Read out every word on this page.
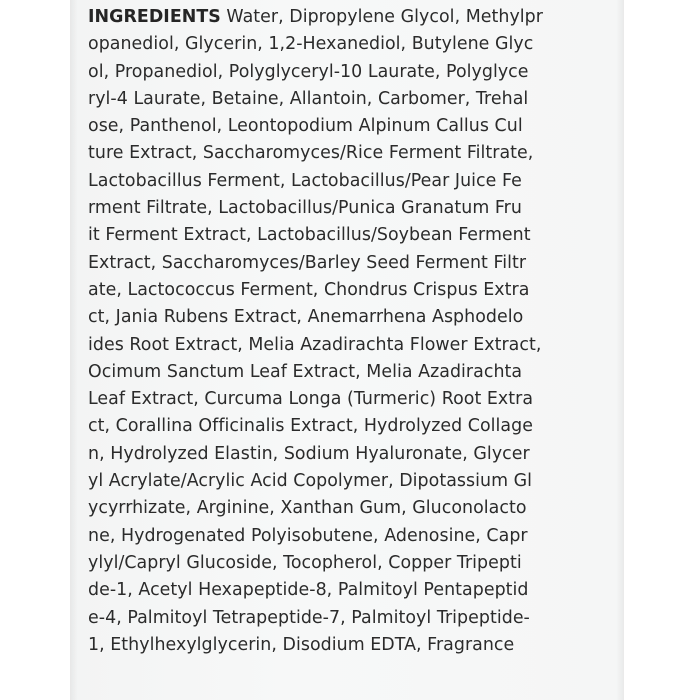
INGREDIENTS Water, Dipropylene Glycol, Methylpr
opanediol, Glycerin, 1,2-Hexanediol, Butylene Glyc
ol, Propanediol, Polyglyceryl-10 Laurate, Polyglyce
ryl-4 Laurate, Betaine, Allantoin, Carbomer, Trehal
ose, Panthenol, Leontopodium Alpinum Callus Cul
ture Extract, Saccharomyces/Rice Ferment Filtrate,
Lactobacillus Ferment, Lactobacillus/Pear Juice Fe
rment Filtrate, Lactobacillus/Punica Granatum Fru
it Ferment Extract, Lactobacillus/Soybean Ferment
Extract, Saccharomyces/Barley Seed Ferment Filtr
ate, Lactococcus Ferment, Chondrus Crispus Extra
ct, Jania Rubens Extract, Anemarrhena Asphodelo
ides Root Extract, Melia Azadirachta Flower Extract,
Ocimum Sanctum Leaf Extract, Melia Azadirachta
Leaf Extract, Curcuma Longa (Turmeric) Root Extra
ct, Corallina Officinalis Extract, Hydrolyzed Collage
n, Hydrolyzed Elastin, Sodium Hyaluronate, Glycer
yl Acrylate/Acrylic Acid Copolymer, Dipotassium Gl
ycyrrhizate, Arginine, Xanthan Gum, Gluconolacto
ne, Hydrogenated Polyisobutene, Adenosine, Capr
ylyl/Capryl Glucoside, Tocopherol, Copper Tripepti
de-1, Acetyl Hexapeptide-8, Palmitoyl Pentapeptid
e-4, Palmitoyl Tetrapeptide-7, Palmitoyl Tripeptide-
1, Ethylhexylglycerin, Disodium EDTA, Fragrance
